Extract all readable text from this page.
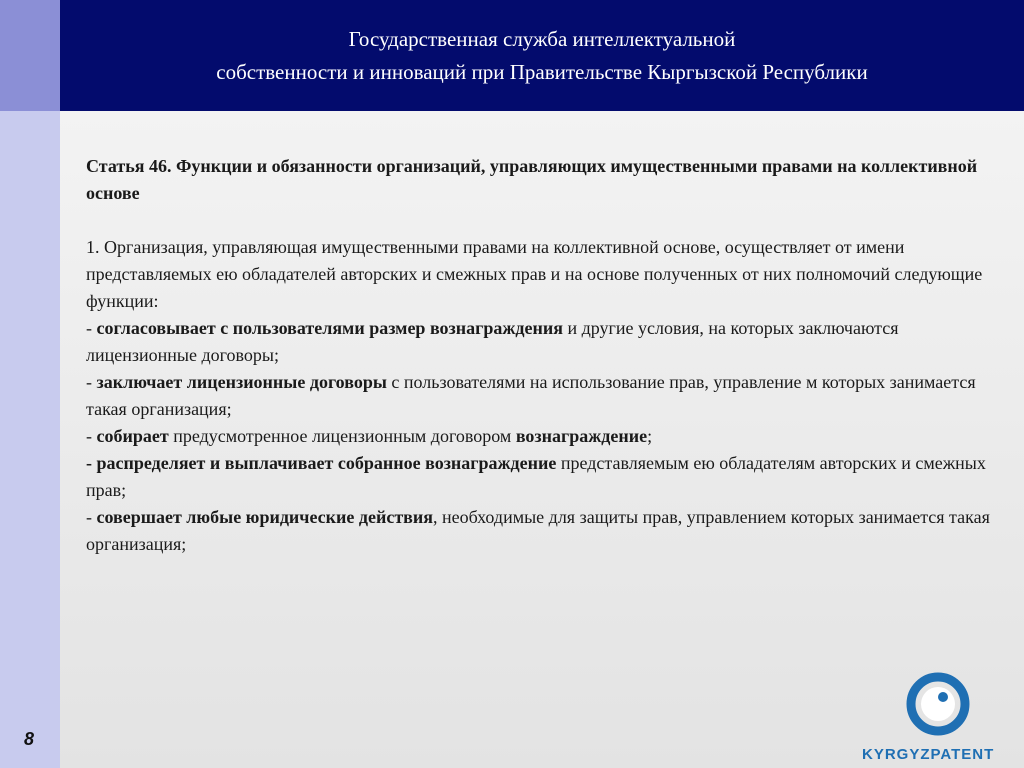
Государственная служба интеллектуальной
собственности и инноваций при Правительстве Кыргызской Республики

Статья 46. Функции и обязанности организаций, управляющих имущественными правами на коллективной основе

1. Организация, управляющая имущественными правами на коллективной основе, осуществляет от имени представляемых ею обладателей авторских и смежных прав и на основе полученных от них полномочий следующие функции:

- согласовывает с пользователями размер вознаграждения и другие условия, на которых заключаются лицензионные договоры;

- заключает лицензионные договоры с пользователями на использование прав, управление м которых занимается такая организация;

- собирает предусмотренное лицензионным договором вознаграждение;

- распределяет и выплачивает собранное вознаграждение представляемым ею обладателям авторских и смежных прав;

- совершает любые юридические действия, необходимые для защиты прав, управлением которых занимается такая организация;

8
KYRGYZPATENT
